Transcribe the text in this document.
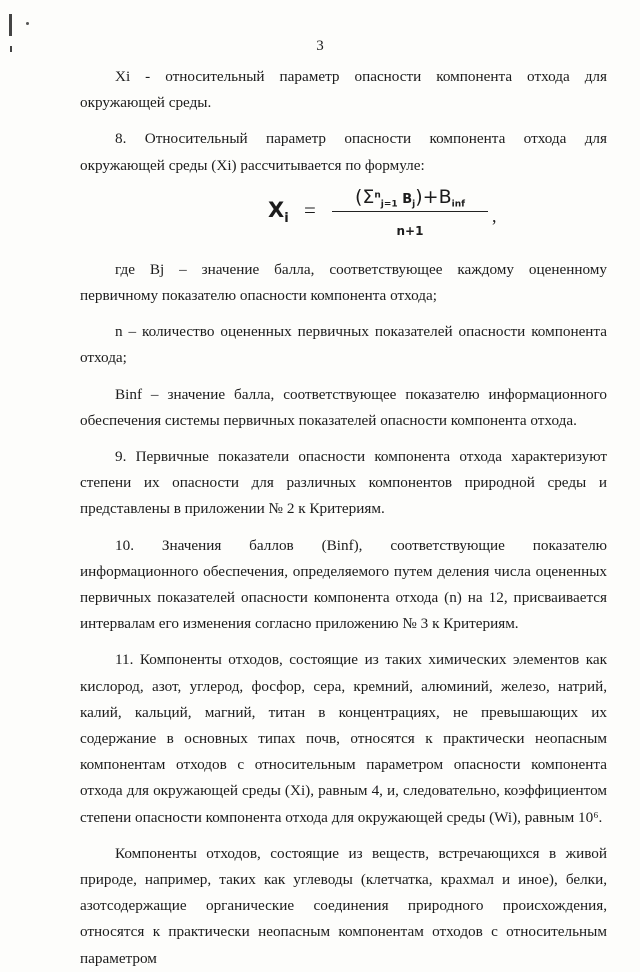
3

Xi - относительный параметр опасности компонента отхода для окружающей среды.

8. Относительный параметр опасности компонента отхода для окружающей среды (Xi) рассчитывается по формуле:

$X_i$ =
($\Sigma^n_{j=1}$ $B_j)+B_{inf}$
n+1
,

где Bj – значение балла, соответствующее каждому оцененному первичному показателю опасности компонента отхода;

n – количество оцененных первичных показателей опасности компонента отхода;

Binf – значение балла, соответствующее показателю информационного обеспечения системы первичных показателей опасности компонента отхода.

9. Первичные показатели опасности компонента отхода характеризуют степени их опасности для различных компонентов природной среды и представлены в приложении № 2 к Критериям.

10. Значения баллов (Binf), соответствующие показателю информационного обеспечения, определяемого путем деления числа оцененных первичных показателей опасности компонента отхода (n) на 12, присваивается интервалам его изменения согласно приложению № 3 к Критериям.

11. Компоненты отходов, состоящие из таких химических элементов как кислород, азот, углерод, фосфор, сера, кремний, алюминий, железо, натрий, калий, кальций, магний, титан в концентрациях, не превышающих их содержание в основных типах почв, относятся к практически неопасным компонентам отходов с относительным параметром опасности компонента отхода для окружающей среды (Xi), равным 4, и, следовательно, коэффициентом степени опасности компонента отхода для окружающей среды (Wi), равным 10⁶.

Компоненты отходов, состоящие из веществ, встречающихся в живой природе, например, таких как углеводы (клетчатка, крахмал и иное), белки, азотсодержащие органические соединения природного происхождения, относятся к практически неопасным компонентам отходов с относительным параметром
